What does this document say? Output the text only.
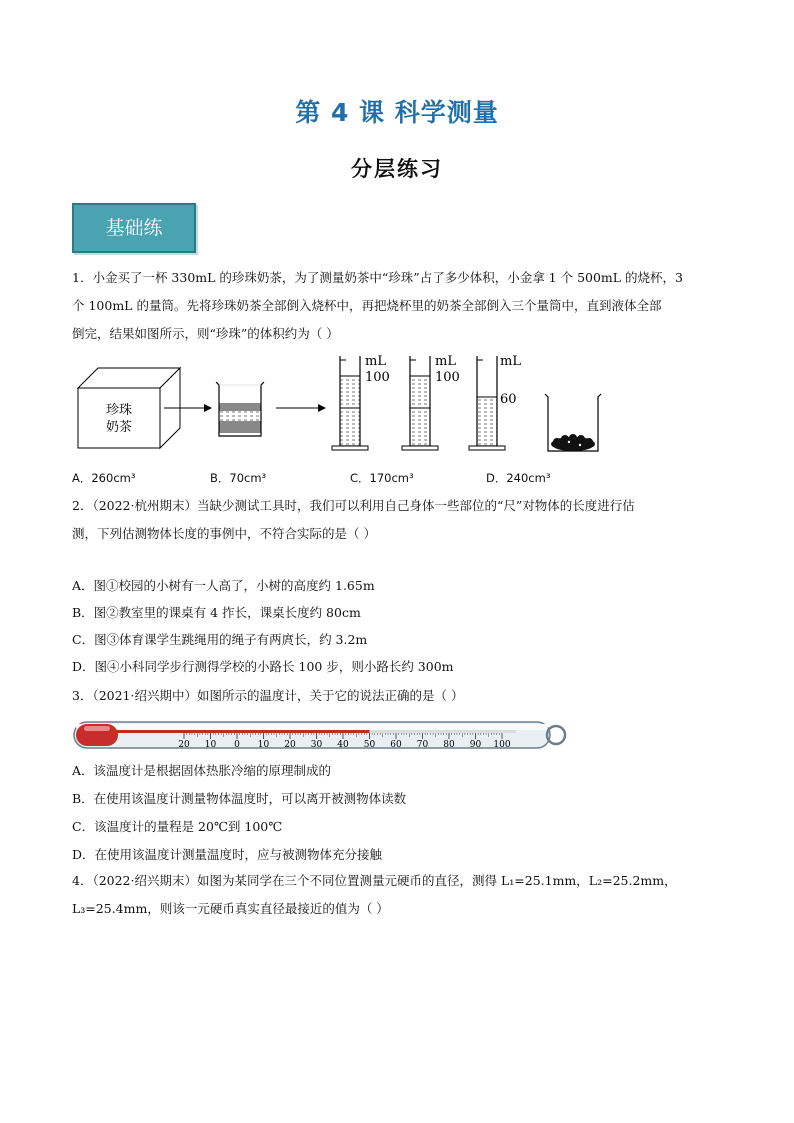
第 4 课 科学测量
分层练习
基础练
1．小金买了一杯 330mL 的珍珠奶茶，为了测量奶茶中“珍珠”占了多少体积，小金拿 1 个 500mL 的烧杯，3
个 100mL 的量筒。先将珍珠奶茶全部倒入烧杯中，再把烧杯里的奶茶全部倒入三个量筒中，直到液体全部
倒完，结果如图所示，则“珍珠”的体积约为（ ）
珍珠
奶茶
mL
100
mL
100
mL
60
A．260cm³	B．70cm³	C．170cm³	D．240cm³
2．（2022·杭州期末）当缺少测试工具时，我们可以利用自己身体一些部位的“尺”对物体的长度进行估
测，下列估测物体长度的事例中，不符合实际的是（ ）
A．图①校园的小树有一人高了，小树的高度约 1.65m
B．图②教室里的课桌有 4 拃长，课桌长度约 80cm
C．图③体育课学生跳绳用的绳子有两庹长，约 3.2m
D．图④小科同学步行测得学校的小路长 100 步，则小路长约 300m
3．（2021·绍兴期中）如图所示的温度计，关于它的说法正确的是（ ）
20 10 0 10 20 30 40 50 60 70 80 90 100
A．该温度计是根据固体热胀冷缩的原理制成的
B．在使用该温度计测量物体温度时，可以离开被测物体读数
C．该温度计的量程是 20℃到 100℃
D．在使用该温度计测量温度时，应与被测物体充分接触
4．（2022·绍兴期末）如图为某同学在三个不同位置测量元硬币的直径，测得 L₁=25.1mm，L₂=25.2mm，
L₃=25.4mm，则该一元硬币真实直径最接近的值为（ ）
